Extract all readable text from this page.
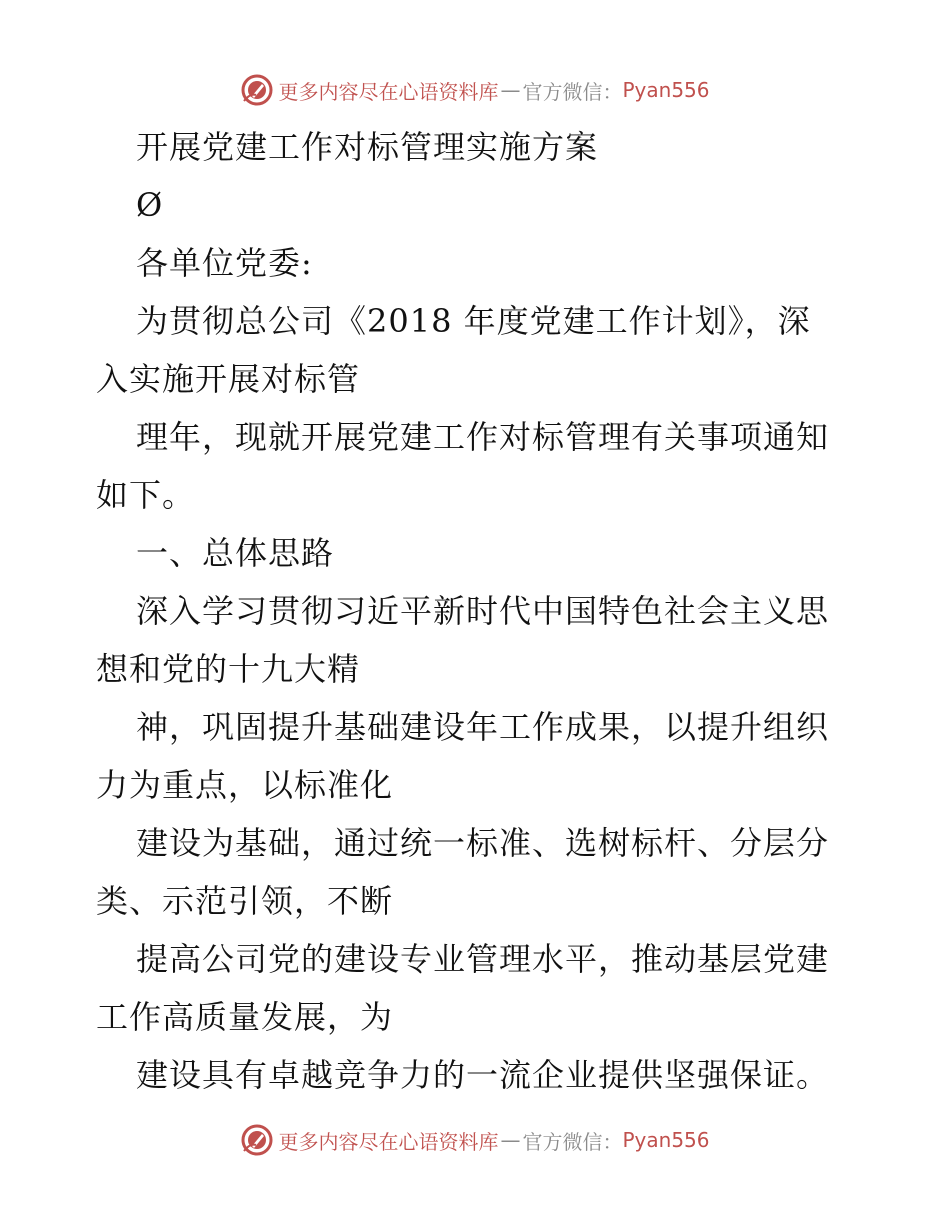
更多内容尽在心语资料库 — 官方微信： Pyan556
开展党建工作对标管理实施方案
Ø
各单位党委:
为贯彻总公司《2018 年度党建工作计划》，深
入实施开展对标管
理年，现就开展党建工作对标管理有关事项通知
如下。
一、总体思路
深入学习贯彻习近平新时代中国特色社会主义思
想和党的十九大精
神，巩固提升基础建设年工作成果，以提升组织
力为重点，以标准化
建设为基础，通过统一标准、选树标杆、分层分
类、示范引领，不断
提高公司党的建设专业管理水平，推动基层党建
工作高质量发展，为
建设具有卓越竞争力的一流企业提供坚强保证。
更多内容尽在心语资料库 — 官方微信： Pyan556
